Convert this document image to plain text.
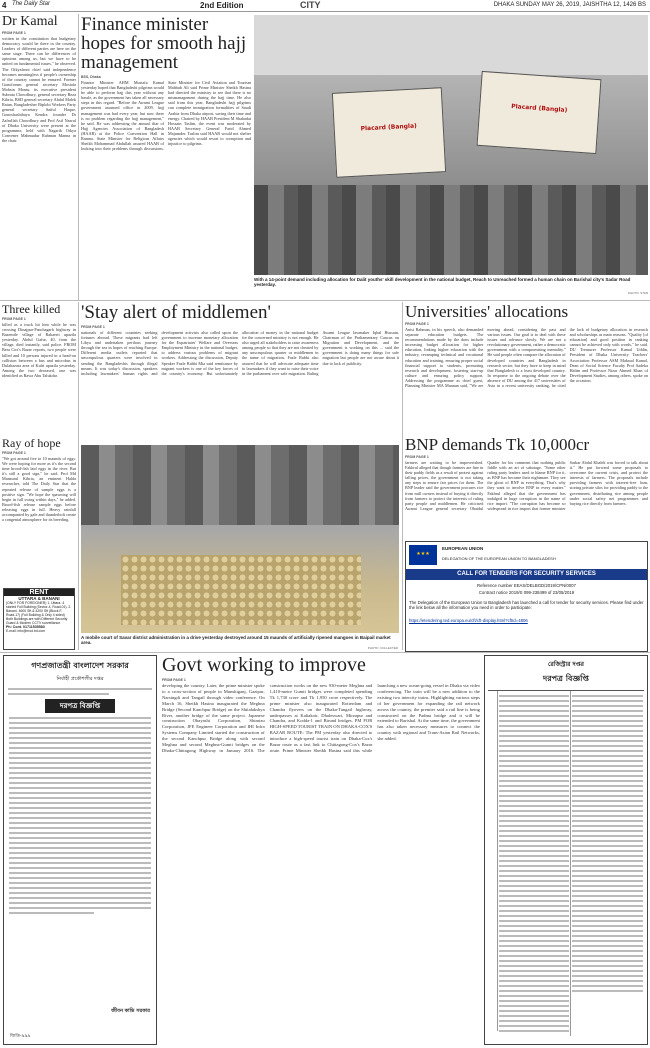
4 The Daily Star	2nd Edition	CITY	DHAKA SUNDAY MAY 26, 2019, JAISHTHA 12, 1426 BS
Dr Kamal
FROM PAGE 1
written in the constitution that budgetary democracy would be there in the country. Leaders of different parties are here on the same stage. There can be differences of opinions among us, but we have to be united on fundamental issues," he observed. The Oikyafront chief said independence becomes meaningless if people's ownership of the country cannot be ensured. Former Gonoforum general secretary Mostafa Mohsin Montu, its executive president Subrata Chowdhury, general secretary Reza Kibria, BSD general secretary Abdul Malek Ratan, Bangladesher Biplobi Workers Party general secretary Saiful Haque, Gonoshashthaya Kendra founder Dr Zafrullah Chowdhury and Prof Asif Nazrul of Dhaka University were present at the programme, held with Nagarik Oikya Convener Mahmudur Rahman Manna in the chair.
Finance minister hopes for smooth hajj management
BSS, Dhaka
Finance Minister AHM Mustafa Kamal yesterday hoped that Bangladeshi pilgrims would be able to perform hajj this year without any hassle, as the government has taken all necessary steps in this regard. "Before the Awami League government assumed office in 2009, hajj management was bad every year, but now there is no problem regarding the hajj management," he said. He was addressing the annual iftar of Hajj Agencies Association of Bangladesh (HAAB) at the Police Convention Hall in Ramna. State Minister for Religious Affairs Sheikh Mohammad Abdullah assured HAAB of looking into their problems through discussions. State Minister for Civil Aviation and Tourism Mahbub Ali said Prime Minister Sheikh Hasina had directed the ministry to see that there is no mismanagement during the hajj time. He also said from this year, Bangladeshi hajj pilgrims can complete immigration formalities of Saudi Arabia from Dhaka airport, saving their time and energy. Chaired by HAAB President M Shahadat Hossain Taslim, the event was moderated by HAAB Secretary General Farid Ahmed Majumder. Taslim said HAAB would not shelter agencies which would resort to corruption and injustice to pilgrims.
Placard (Bangla)
Placard (Bangla)
With a 14-point demand including allocation for Dalit youths' skill development in the national budget, Reach to Unreached formed a human chain on Barishal city's Sadar Road yesterday.
PHOTO: STAR
Three killed
FROM PAGE 1
killed as a truck hit him while he was crossing Dinajpur-Panchagarh highway in Bazemile village of Rakaerti upazila yesterday. Abdul Gafur, 40, from the village, died instantly, said police. FROM Bera Cox's Bazar reports, two people were killed and 10 persons injured in a head-on collision between a bus and microbus in Dulahazara area of Kulri upazila yesterday. Among the two deceased, one was identified as Rawa Abu Talukdar.
Ray of hope
FROM PAGE 1
"We got around five to 10 maunds of eggs. We were hoping for more as it's the second time brood-fish laid eggs in the river. But it's still a good sign," he said. Prof Md Manzurul Kibria, an eminent Halda researcher, told The Daily Star that the repeated release of sample eggs is a positive sign. "We hope the spawning will begin in full swing within days," he added. Brood-fish release sample eggs before releasing eggs in full. Heavy rainfall accompanied by gale and thunderbolt create a congenial atmosphere for its breeding.
RENT
UTTARA & BANANI
(ONLY FOR FOREIGNER) 1. Uttara- 4 storied Full Building (Sector-4, Road-01). 2. Banani- 4600 Sft & 4200 Sft (Block-F, Road-17) (Full Building & Only 4 sided) Both Buildings are with Different Security Guard & Modern CCTV surveillance.
Ph: Cont. 01711535583
E-mail: info@mod.bd.com
'Stay alert of middlemen'
FROM PAGE 1
nationals of different countries seeking fortunes abroad. These migrants had left Libya and undertaken perilous journey through the sea in hopes of reaching Europe. Different media outlets reported that unscrupulous quarters were involved in sending the Bangladeshis through illegal means. It was today's discussion, speakers including lawmakers' human rights and development activists also called upon the government to increase monetary allocation for the Expatriates' Welfare and Overseas Employment Ministry in the national budget, to address various problems of migrant workers. Addressing the discussion, Deputy Speaker Fazle Rabbi Mia said remittance by migrant workers is one of the key forces of the country's economy. But unfortunately allocation of money in the national budget for the concerned ministry is not enough. He also urged all stakeholders to raise awareness among people so that they are not cheated by any unscrupulous quarter or middlemen in the name of migration. Fazle Rabbi also assured that he will advocate adequate time to lawmakers if they want to raise their voice in the parliament over safe migration. Ruling Awami League lawmaker Iqbal Hussain, Chairman of the Parliamentary Caucus on Migration and Development, and the government is working on this ... said the government is doing many things for safe migration but people are not aware about it due to lack of publicity.
A mobile court of Savar district administration in a drive yesterday destroyed around 15 maunds of artificially ripened mangoes in Baipail market area.
PHOTO: COLLECTED
Universities' allocations
FROM PAGE 1
Anisi Rahman, in his speech, also demanded separate education budgets. The recommendations made by the dons include increasing budget allocation for higher education, linking higher education with the industry, revamping technical and vocational education and training, ensuring proper social financial support to students, promoting research and development, fostering start-up culture and ensuring policy support. Addressing the programme as chief guest, Planning Minister MA Mannan said, "We are moving ahead, considering the past and various issues. Our goal is to deal with these issues and advance slowly. We are not a revolutionary government, rather a democratic government with a compromising mentality." He said people often compare the allocation of developed countries and Bangladesh in research sector, but they have to keep in mind that Bangladesh is a least developed country. In response to the ongoing debate over the absence of DU among the 417 universities of Asia in a recent university ranking, he cited the lack of budgetary allocation in research and scholarships as main reasons. "Quality [of education] and good position in ranking cannot be achieved only with words," he said. DU Treasurer Professor Kamal Uddin, President of Dhaka University Teachers' Association Professor ASM Maksud Kamal, Dean of Social Science Faculty Prof Sadeka Halim and Professor Nizar Ahmed Khan of Development Studies, among others, spoke on the occasion.
BNP demands Tk 10,000cr
FROM PAGE 1
farmers are waiting to be impoverished. Fakhrul alleged that though farmers are fine in their paddy fields as a result of protest against falling prices, the government is not taking any steps to ensure fair prices for them. The BNP leader said the government procures rice from mill owners instead of buying it directly from farmers to protect the interests of ruling party people and middlemen. He criticised Awami League general secretary Obaidul Quader for his comment that nothing public fiddle with an art of sabotage. "Some other ruling party leaders used to blame BNP for it, as BNP has become their nightmare. They see the ghost of BNP in everything. That's why they want to involve BNP in every matter." Fakhrul alleged that the government has indulged in huge corruption in the name of rice import. "The corruption has become so widespread in rice import that former minister Sarkar Abdul Khalek was forced to talk about it." He put forward some proposals to overcome the current crisis, and protect the interests of farmers. The proposals include providing farmers with interest-free loan, storing private silos for providing paddy to the government, distributing rice among people under social safety net programmes and buying rice directly from farmers.
★★★
EUROPEAN UNION
DELEGATION OF THE EUROPEAN UNION TO BANGLADESH
CALL FOR TENDERS FOR SECURITY SERVICES
Reference number EEAS/DELBGD/2019/CPN/0007
Contract notice 2019/S 099-238499 of 23/05/2019
The Delegation of the European Union to Bangladesh has launched a call for tender for security services. Please find under the link below all the information you need in order to participate:
https://etendering.ted.europa.eu/cft/cft-display.html?cftId=4806
গণপ্রজাতন্ত্রী বাংলাদেশ সরকার
নির্বাহী প্রকৌশলীর দপ্তর
দরপত্র বিজ্ঞপ্তি
জীবন কান্তি সরকার
জিডি-৯৯৯
Govt working to improve
FROM PAGE 1
developing the country. Later, the prime minister spoke to a cross-section of people in Munshiganj, Gazipur, Narsingdi and Tangail through video conference. On March 16, Sheikh Hasina inaugurated the Meghna Bridge (Second Kanchpur Bridge) on the Shitalakshya River, another bridge of the same project. Japanese construction Obayashi Corporation, Shimizu Corporation, JFE Engineer Corporation and IHI Infra Systems Company Limited started the construction of the second Kanchpur Bridge along with second Meghna and second Meghna-Gumti bridges on the Dhaka-Chittagong Highway in January 2016. The construction works on the new 930-meter Meghna and 1,410-metre Gumti bridges were completed spending Tk 1,730 crore and Tk 1,950 crore respectively. The prime minister also inaugurated Rotterdam and Chandra flyovers on the Dhaka-Tangail highway, underpasses at Kaliakoir, Dhaleswari, Mirzapur and Chandra, and Kodda-1 and Birund bridges. PM FOR HIGH-SPEED TOURIST TRAIN ON DHAKA-COX'S BAZAR ROUTE: The PM yesterday also directed to introduce a high-speed tourist train on Dhaka-Cox's Bazar route as a fast link to Chittagong-Cox's Bazar route. Prime Minister Sheikh Hasina said this while launching a new ocean-going vessel in Dhaka via video conferencing. The train will be a new addition to the existing two intercity trains. Highlighting various steps of her government for expanding the rail network across the country, the premier said a rail line is being constructed on the Padma bridge and it will be extended to Barishal. At the same time, the government has also taken necessary measures to connect the country with regional and Trans-Asian Rail Networks, she added.
রেজিস্ট্রার দপ্তর
দরপত্র বিজ্ঞপ্তি
